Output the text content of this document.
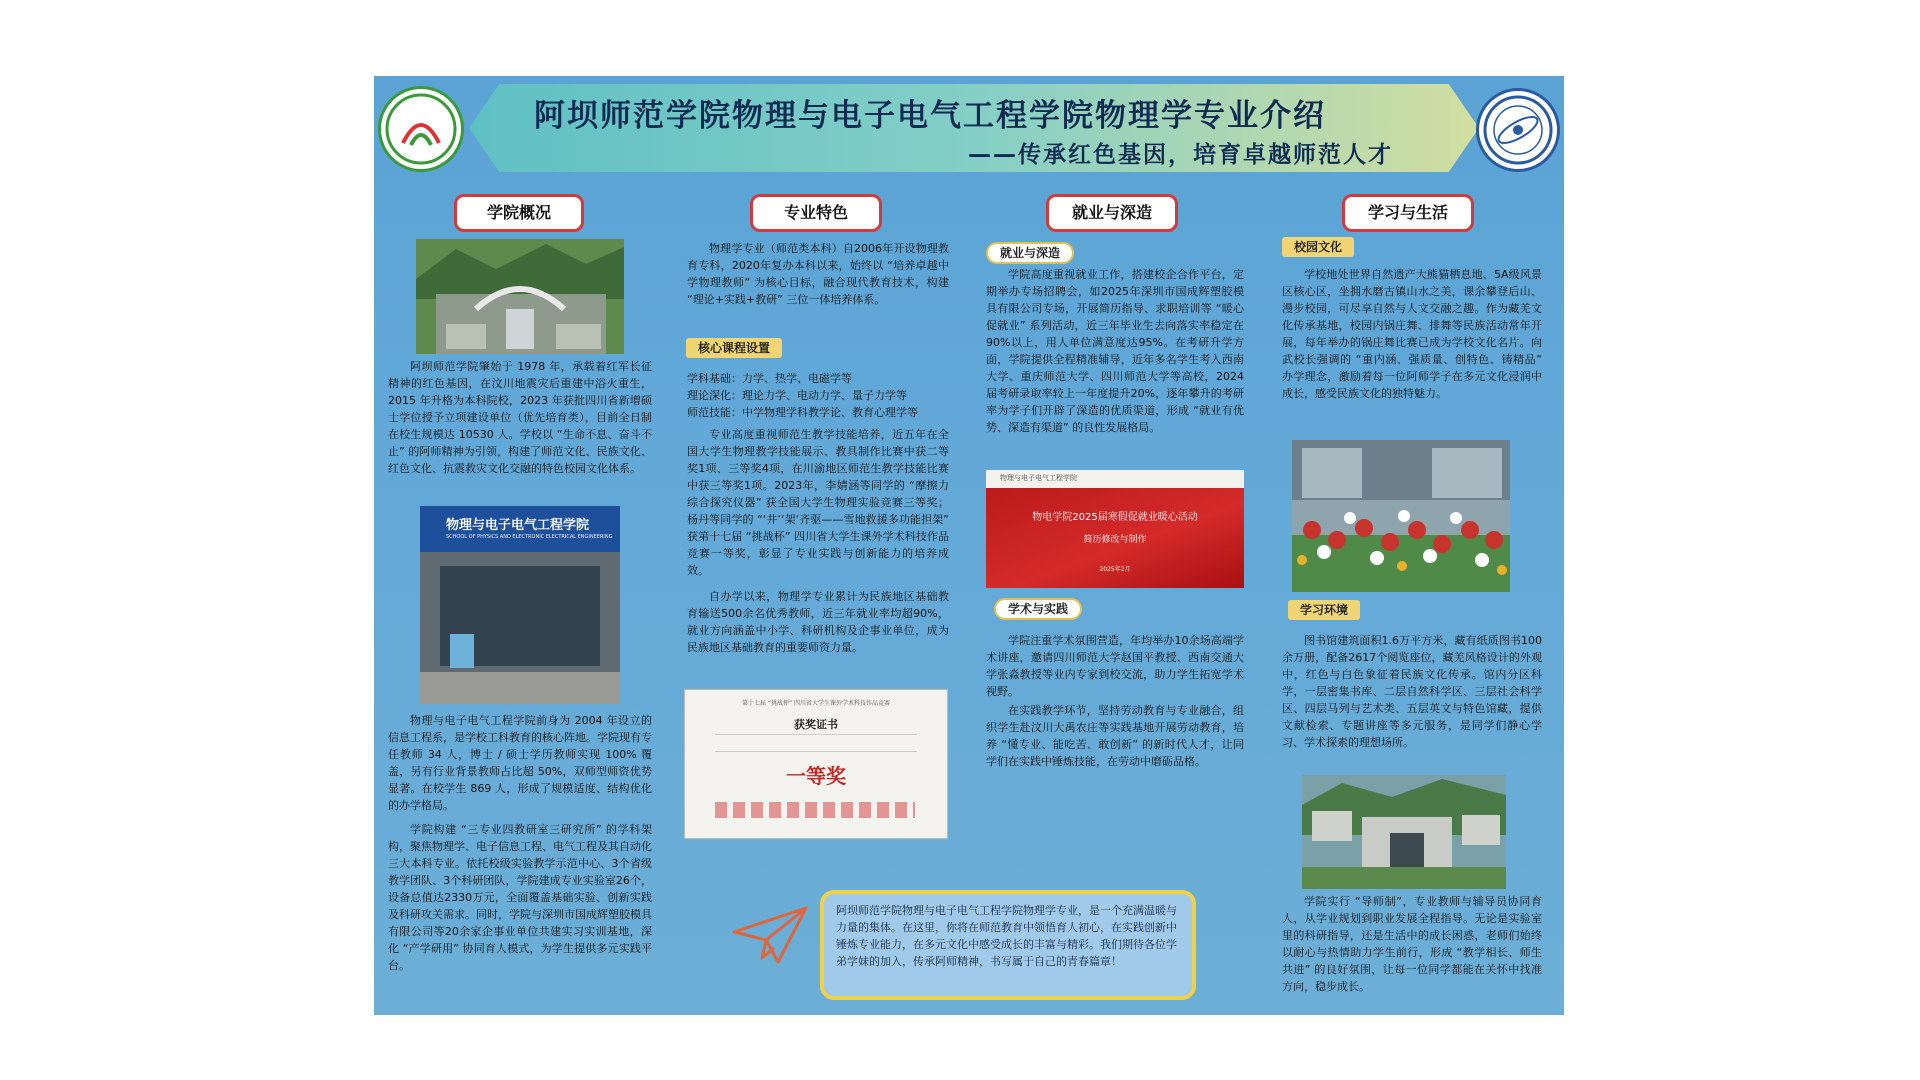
阿坝师范学院物理与电子电气工程学院物理学专业介绍
——传承红色基因，培育卓越师范人才
学院概况	专业特色	就业与深造	学习与生活

阿坝师范学院肇始于 1978 年，承载着红军长征精神的红色基因，在汶川地震灾后重建中浴火重生，2015 年升格为本科院校，2023 年获批四川省新增硕士学位授予立项建设单位（优先培育类），目前全日制在校生规模达 10530 人。学校以 “生命不息、奋斗不止” 的阿师精神为引领，构建了师范文化、民族文化、红色文化、抗震救灾文化交融的特色校园文化体系。

物理与电子电气工程学院
SCHOOL OF PHYSICS AND ELECTRONIC ELECTRICAL ENGINEERING

物理与电子电气工程学院前身为 2004 年设立的信息工程系，是学校工科教育的核心阵地。学院现有专任教师 34 人，博士 / 硕士学历教师实现 100% 覆盖，另有行业背景教师占比超 50%，双师型师资优势显著。在校学生 869 人，形成了规模适度、结构优化的办学格局。

学院构建 “三专业四教研室三研究所” 的学科架构，聚焦物理学、电子信息工程、电气工程及其自动化三大本科专业。依托校级实验教学示范中心、3个省级教学团队、3个科研团队，学院建成专业实验室26个，设备总值达2330万元，全面覆盖基础实验、创新实践及科研攻关需求。同时，学院与深圳市国成辉塑胶模具有限公司等20余家企事业单位共建实习实训基地，深化 “产学研用” 协同育人模式，为学生提供多元实践平台。

物理学专业（师范类本科）自2006年开设物理教育专科，2020年复办本科以来，始终以 “培养卓越中学物理教师” 为核心目标，融合现代教育技术，构建 “理论+实践+教研” 三位一体培养体系。

核心课程设置
学科基础：力学、热学、电磁学等
理论深化：理论力学、电动力学、量子力学等
师范技能：中学物理学科教学论、教育心理学等

专业高度重视师范生教学技能培养，近五年在全国大学生物理教学技能展示、教具制作比赛中获二等奖1项、三等奖4项，在川渝地区师范生教学技能比赛中获三等奖1项。2023年，李婧涵等同学的 “摩擦力综合探究仪器” 获全国大学生物理实验竞赛三等奖；杨丹等同学的 “‘井’‘架’齐驱——雪地救援多功能担架” 获第十七届 “挑战杯” 四川省大学生课外学术科技作品竞赛一等奖，彰显了专业实践与创新能力的培养成效。

自办学以来，物理学专业累计为民族地区基础教育输送500余名优秀教师，近三年就业率均超90%，就业方向涵盖中小学、科研机构及企事业单位，成为民族地区基础教育的重要师资力量。

第十七届 “挑战杯” 四川省大学生课外学术科技作品竞赛
获奖证书
一等奖
就业与深造

学院高度重视就业工作，搭建校企合作平台，定期举办专场招聘会，如2025年深圳市国成辉塑胶模具有限公司专场，开展简历指导、求职培训等 “暖心促就业” 系列活动，近三年毕业生去向落实率稳定在90%以上，用人单位满意度达95%。在考研升学方面，学院提供全程精准辅导，近年多名学生考入西南大学、重庆师范大学、四川师范大学等高校，2024届考研录取率较上一年度提升20%，逐年攀升的考研率为学子们开辟了深造的优质渠道，形成 “就业有优势、深造有渠道” 的良性发展格局。

物理与电子电气工程学院
物电学院2025届寒假促就业暖心活动
简历修改与制作
2025年2月
学术与实践

学院注重学术氛围营造，年均举办10余场高端学术讲座，邀请四川师范大学赵国平教授、西南交通大学张淼教授等业内专家到校交流，助力学生拓宽学术视野。

在实践教学环节，坚持劳动教育与专业融合，组织学生赴汶川大禹农庄等实践基地开展劳动教育，培养 “懂专业、能吃苦、敢创新” 的新时代人才，让同学们在实践中锤炼技能，在劳动中磨砺品格。

校园文化

学校地处世界自然遗产大熊猫栖息地、5A级风景区核心区，坐拥水磨古镇山水之美，课余攀登后山、漫步校园，可尽享自然与人文交融之趣。作为藏羌文化传承基地，校园内锅庄舞、排舞等民族活动常年开展，每年举办的锅庄舞比赛已成为学校文化名片。向武校长强调的 “重内涵、强质量、创特色、铸精品” 办学理念，激励着每一位阿师学子在多元文化浸润中成长，感受民族文化的独特魅力。

学习环境

图书馆建筑面积1.6万平方米，藏有纸质图书100余万册，配备2617个阅览座位，藏羌风格设计的外观中，红色与白色象征着民族文化传承。馆内分区科学，一层密集书库、二层自然科学区、三层社会科学区、四层马列与艺术类、五层英文与特色馆藏，提供文献检索、专题讲座等多元服务，是同学们静心学习、学术探索的理想场所。

学院实行 “导师制”，专业教师与辅导员协同育人，从学业规划到职业发展全程指导。无论是实验室里的科研指导，还是生活中的成长困惑，老师们始终以耐心与热情助力学生前行，形成 “教学相长、师生共进” 的良好氛围，让每一位同学都能在关怀中找准方向，稳步成长。

阿坝师范学院物理与电子电气工程学院物理学专业，是一个充满温暖与力量的集体。在这里，你将在师范教育中领悟育人初心，在实践创新中锤炼专业能力，在多元文化中感受成长的丰富与精彩。我们期待各位学弟学妹的加入，传承阿师精神，书写属于自己的青春篇章！
